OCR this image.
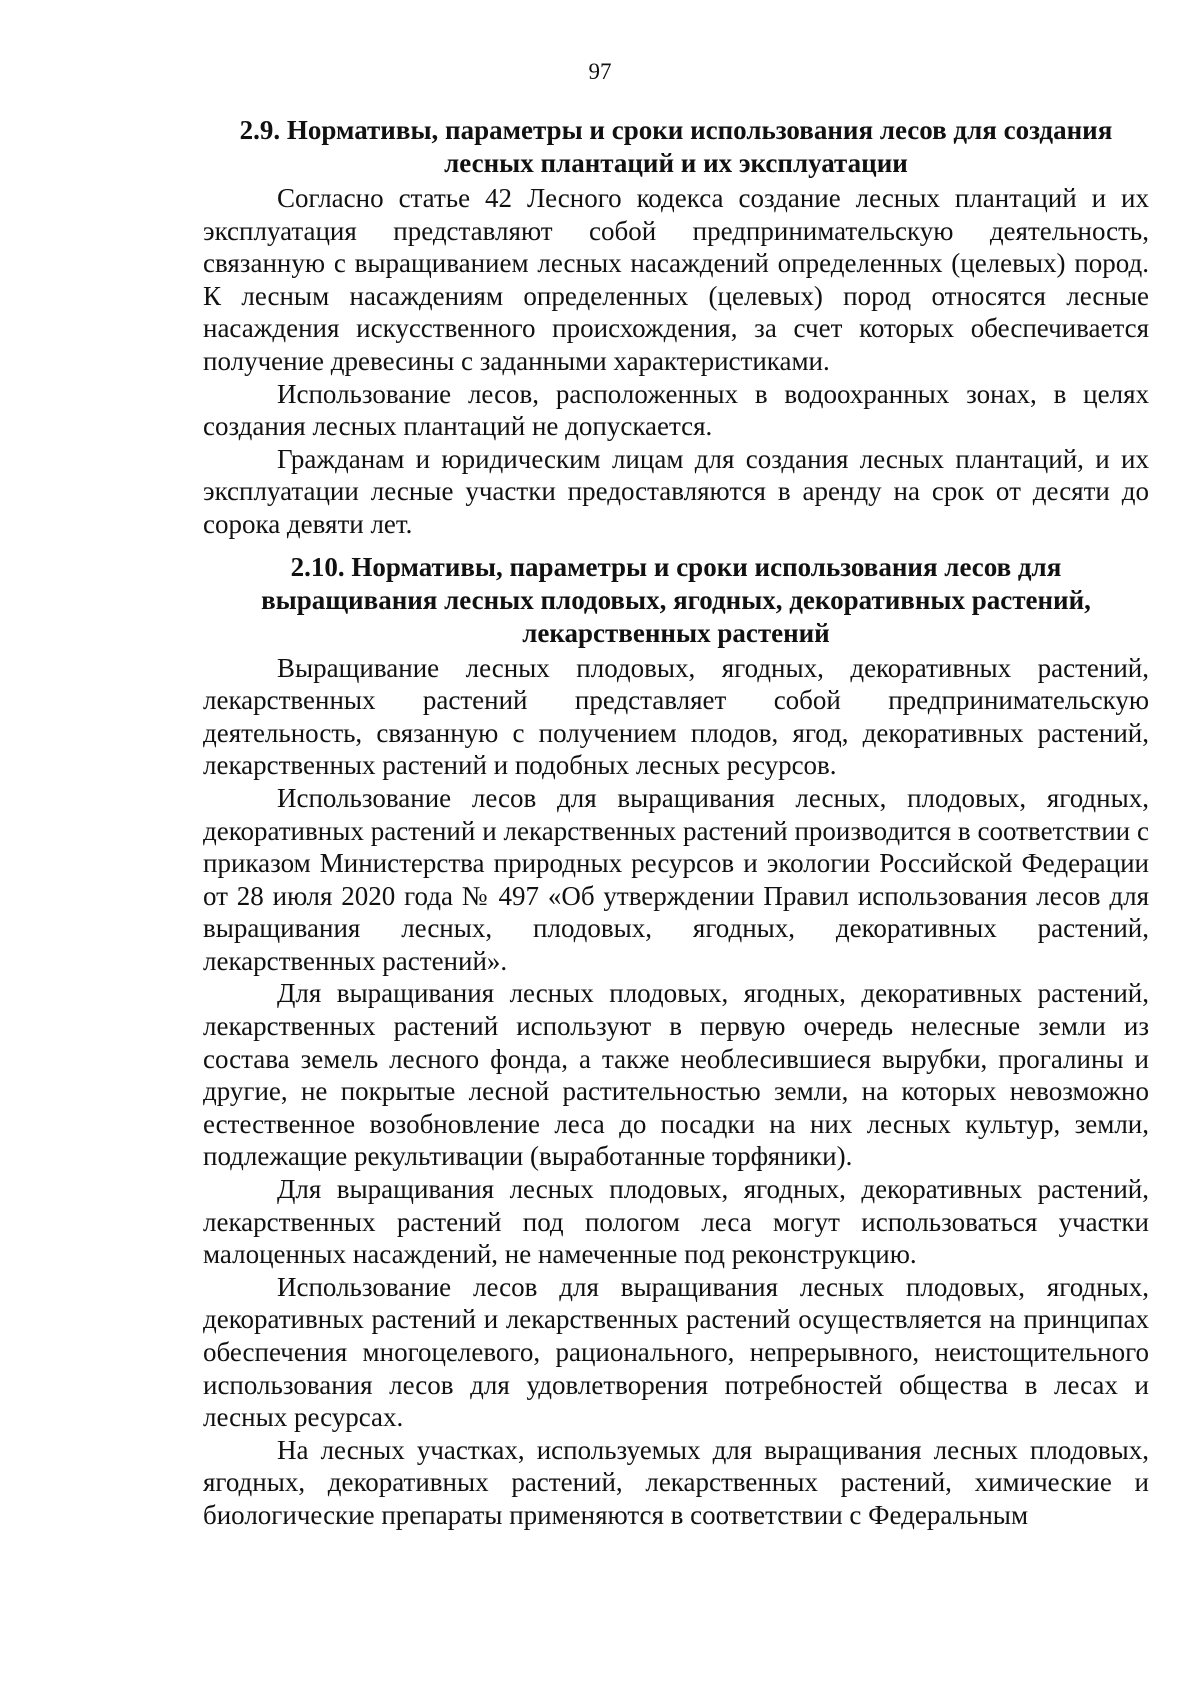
97
2.9. Нормативы, параметры и сроки использования лесов для создания лесных плантаций и их эксплуатации

Согласно статье 42 Лесного кодекса создание лесных плантаций и их эксплуатация представляют собой предпринимательскую деятельность, связанную с выращиванием лесных насаждений определенных (целевых) пород. К лесным насаждениям определенных (целевых) пород относятся лесные насаждения искусственного происхождения, за счет которых обеспечивается получение древесины с заданными характеристиками.

Использование лесов, расположенных в водоохранных зонах, в целях создания лесных плантаций не допускается.

Гражданам и юридическим лицам для создания лесных плантаций, и их эксплуатации лесные участки предоставляются в аренду на срок от десяти до сорока девяти лет.

2.10. Нормативы, параметры и сроки использования лесов для выращивания лесных плодовых, ягодных, декоративных растений, лекарственных растений

Выращивание лесных плодовых, ягодных, декоративных растений, лекарственных растений представляет собой предпринимательскую деятельность, связанную с получением плодов, ягод, декоративных растений, лекарственных растений и подобных лесных ресурсов.

Использование лесов для выращивания лесных, плодовых, ягодных, декоративных растений и лекарственных растений производится в соответствии с приказом Министерства природных ресурсов и экологии Российской Федерации от 28 июля 2020 года № 497 «Об утверждении Правил использования лесов для выращивания лесных, плодовых, ягодных, декоративных растений, лекарственных растений».

Для выращивания лесных плодовых, ягодных, декоративных растений, лекарственных растений используют в первую очередь нелесные земли из состава земель лесного фонда, а также необлесившиеся вырубки, прогалины и другие, не покрытые лесной растительностью земли, на которых невозможно естественное возобновление леса до посадки на них лесных культур, земли, подлежащие рекультивации (выработанные торфяники).

Для выращивания лесных плодовых, ягодных, декоративных растений, лекарственных растений под пологом леса могут использоваться участки малоценных насаждений, не намеченные под реконструкцию.

Использование лесов для выращивания лесных плодовых, ягодных, декоративных растений и лекарственных растений осуществляется на принципах обеспечения многоцелевого, рационального, непрерывного, неистощительного использования лесов для удовлетворения потребностей общества в лесах и лесных ресурсах.

На лесных участках, используемых для выращивания лесных плодовых, ягодных, декоративных растений, лекарственных растений, химические и биологические препараты применяются в соответствии с Федеральным
